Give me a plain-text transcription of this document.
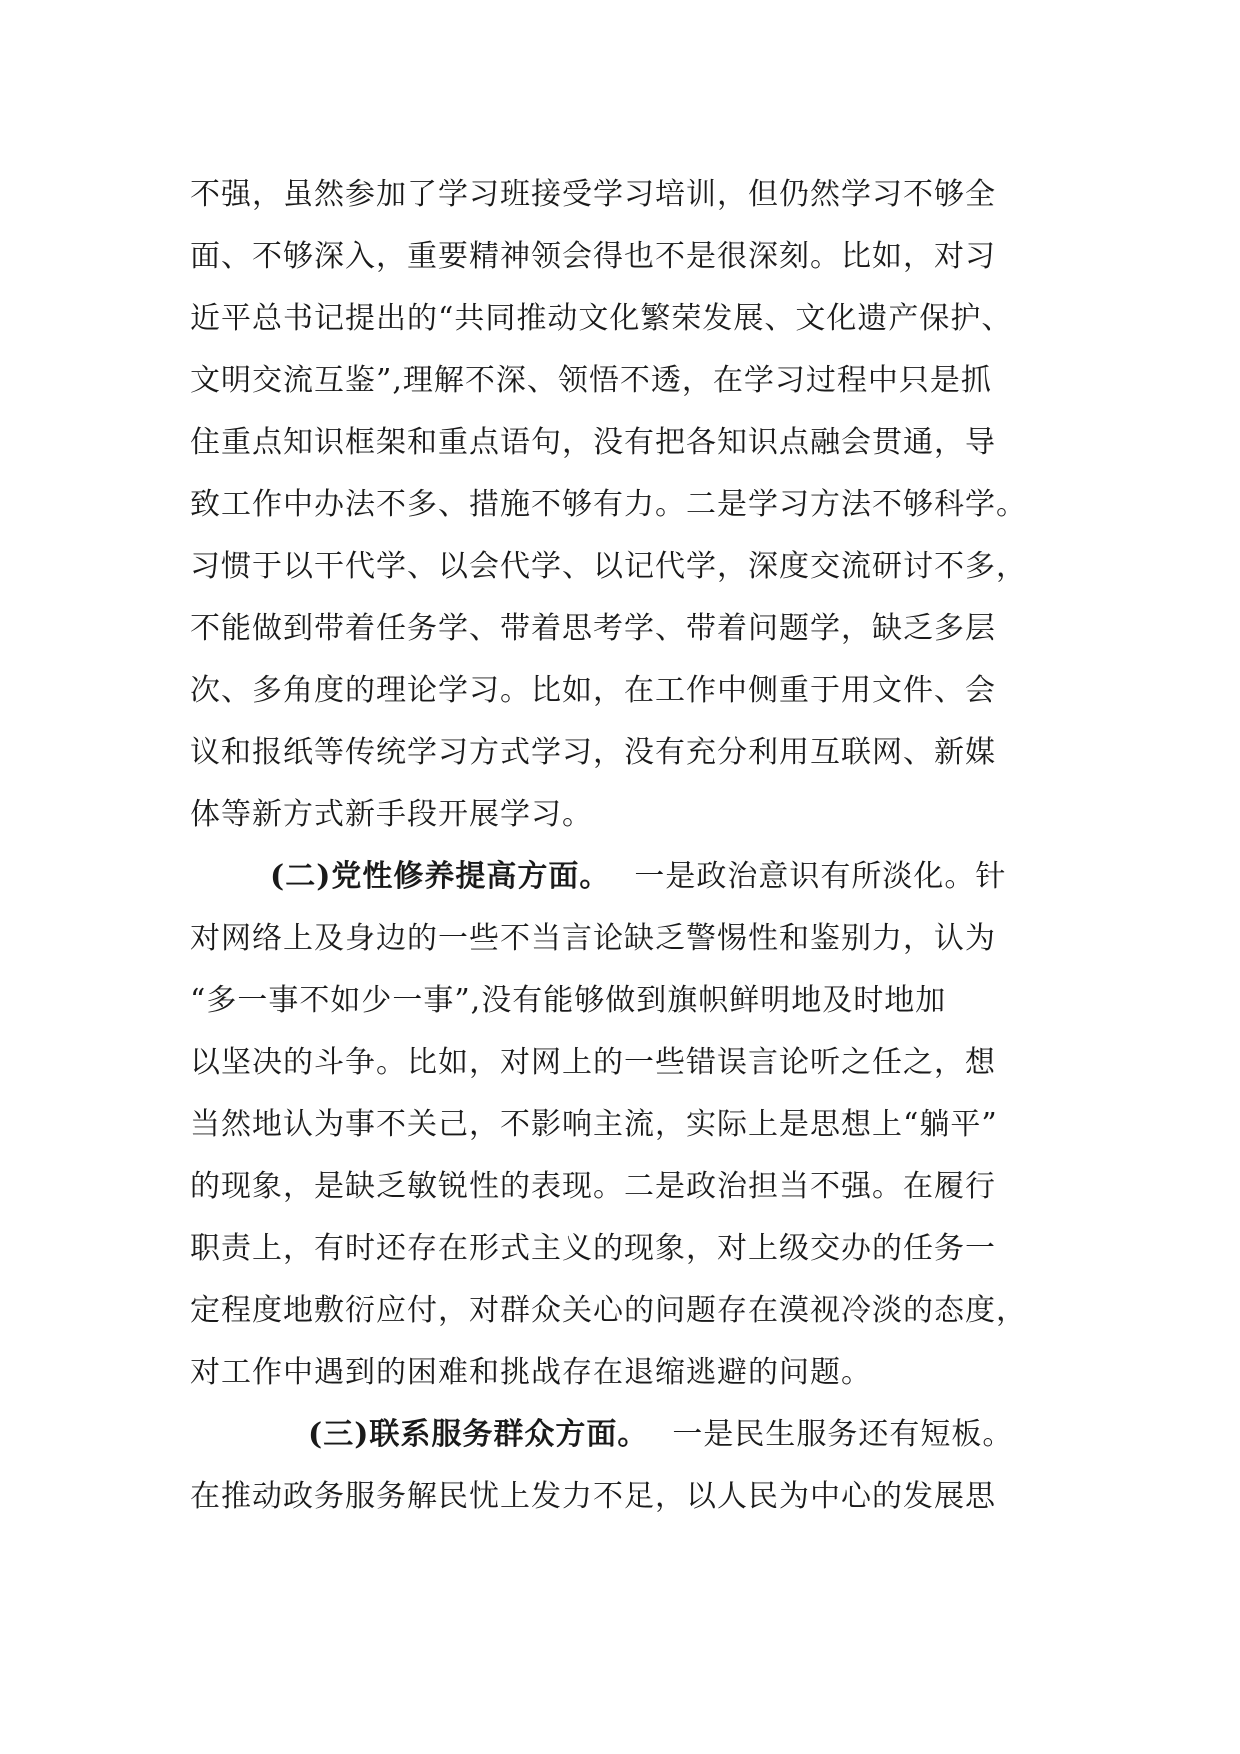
不强，虽然参加了学习班接受学习培训，但仍然学习不够全
面、不够深入，重要精神领会得也不是很深刻。比如，对习
近平总书记提出的“共同推动文化繁荣发展、文化遗产保护、
文明交流互鉴”,理解不深、领悟不透，在学习过程中只是抓
住重点知识框架和重点语句，没有把各知识点融会贯通，导
致工作中办法不多、措施不够有力。二是学习方法不够科学。
习惯于以干代学、以会代学、以记代学，深度交流研讨不多，
不能做到带着任务学、带着思考学、带着问题学，缺乏多层
次、多角度的理论学习。比如，在工作中侧重于用文件、会
议和报纸等传统学习方式学习，没有充分利用互联网、新媒
体等新方式新手段开展学习。
(二)党性修养提高方面。 一是政治意识有所淡化。针
对网络上及身边的一些不当言论缺乏警惕性和鉴别力，认为
“多一事不如少一事”,没有能够做到旗帜鲜明地及时地加
以坚决的斗争。比如，对网上的一些错误言论听之任之，想
当然地认为事不关己，不影响主流，实际上是思想上“躺平”
的现象，是缺乏敏锐性的表现。二是政治担当不强。在履行
职责上，有时还存在形式主义的现象，对上级交办的任务一
定程度地敷衍应付，对群众关心的问题存在漠视冷淡的态度，
对工作中遇到的困难和挑战存在退缩逃避的问题。
(三)联系服务群众方面。 一是民生服务还有短板。
在推动政务服务解民忧上发力不足，以人民为中心的发展思
